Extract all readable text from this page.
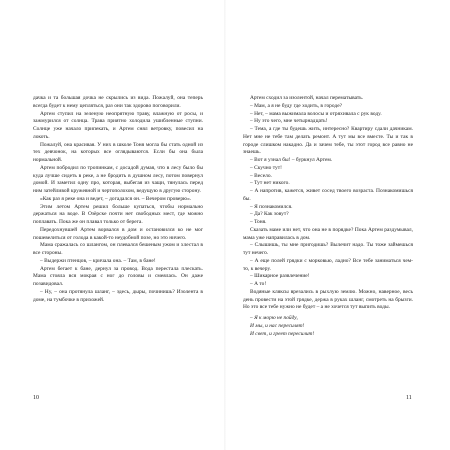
дачка и та большая дочка не скрылись из вида. Пожалуй, она теперь всегда будет к нему цепляться, раз они так здорово поговорили.

Артем ступил на зеленую неопрятную траву, влажную от росы, и зажмурился от солнца. Трава приятно холодила ушибленные ступни. Солнце уже начало припекать, и Артем снял ветровку, повесил на локоть.

Пожалуй, она красивая. У них в школе Тоня могла бы стать одной из тех девчонок, на которых все оглядываются. Если бы она была нормальной.

Артем побродил по тропинкам, с досадой думая, что в лесу было бы куда лучше сидеть в реке, а не бродить в душном лесу, потом повернул домой. И заметил одну про, которая, выбегая из чащи, тянулась перед ним затейливой кружевной и чертополохом, ведущую в другую сторону.

«Как раз я реке она и ведет, – догадался он. – Вечером проверю».

Этим летом Артем решил больше купаться, чтобы нормально держаться на воде. В Озёрске почти нет свободных мест, где можно поплавать. Пока же он плавал только от берега.

Передохнувшей Артем ворвался в дом и остановился ко не мог пошевелиться от голода в какой-то неудобной позе, но это ничего.

Мама сражалась со шлангом, он плевался бешеным ужом и хлестал в все стороны.

– Выдержи птенцов, – кричала она. – Там, в бане!

Артем бегает к бане, дернул за провод. Вода перестала плескать. Мама стояла вся мокрая с ног до головы и смеялась. Он даже позавидовал.

– Ну, – она протянула шланг, – здесь, дыры, починишь? Изолента в доме, на тумбочке в прихожей.

Артем сходил за изолентой, начал перематывать.

– Мам, а я не буду где ходить, в городе?

– Нет, – мама выжимала волосы и отряхивала с рук воду.

– Ну это чего, мне четырнадцать!

– Тема, а где ты будешь жить, интересно? Квартиру сдали дачникам. Нет мне не тебе там делать ремонт. А тут мы все вместе. Ты и так в городе слишком накадно. Да и зачем тебе, ты этот город все равно не знаешь.

– Вот я узнал бы! – буркнул Артем.

– Скучно тут!

– Весело.

– Тут нет никого.

– А напротив, кажется, живет сосед твоего возраста. Познакомишься бы.

– Я познакомился.

– Да? Как зовут?

– Тоня.

Сказать маме или нет, что она не в порядке? Пока Артем раздумывал, мама уже направилась в дом.

– Слышишь, ты мне пригодишь? Вылечит надо. Ты тоже займешься тут нечего.

– А еще полей грядки с морковью, ладно? Все тебе заниматься чем-то, к вечеру.

– Шикарное развлечение!

– А то!

Водяные кляксы врезались в рыхлую землю. Можно, наверное, весь день провести на этой грядке, держа в руках шланг, смотреть на брызги. Но это все тебе нужно не будет – а не хочется тут выпить воды.

– Я к морю не пойду,

И мы, и нас пересилят!

И свет, и греет пересилит!

10	11
